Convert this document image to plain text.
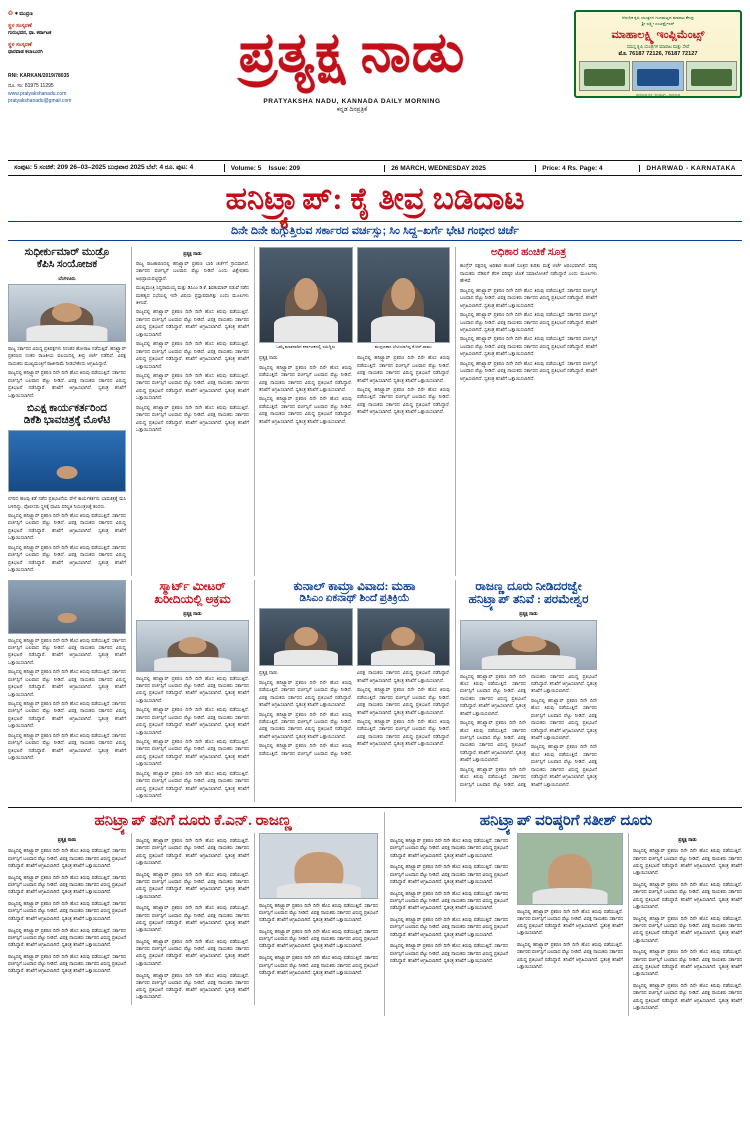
❂ ✶ ಮುದ್ರಣ
ಸ್ಥಳ ಸಂಸ್ಕರಣೆ
ಗುರುಭವನ, ಧಾ. ಕರ್ನಾಟಕ
ಸ್ಥಳ ಸಂಸ್ಕರಣೆ
ಧಾರವಾಡ ಕಲಾಬುರಗಿ
RNI: KARKAN/2019/78035
ದೂ. ಸಂ: 81975 11295
www.pratyakshanadu.com
pratyakshanadu@gmail.com
ಪ್ರತ್ಯಕ್ಷ ನಾಡು
PRATYAKSHA NADU, KANNADA DAILY MORNING
ಕನ್ನಡ ದಿನಪ್ರತ್ರಿಕೆ
ಆಧುನಿಕ ಕೃಷಿ ಯಂತ್ರಗಳ ಗುಣಮಟ್ಟದ ಮಾರಾಟ ಕೇಂದ್ರ
ಶ್ರೀ ಲಕ್ಷ್ಮೀ ಎಂಟರ್ಪ್ರೈಸಸ್
ಮಾಹಾಲಕ್ಷ್ಮಿ ಇಂಪ್ಲಿಮೆಂಟ್ಸ್
ಸಮಸ್ತ ಕೃಷಿ ಯಂತ್ರಗಳ ಮಾರಾಟ ಮತ್ತು ಸೇವೆ
ಮೊ. 76187 72126, 76187 72127
ಧಾರವಾಡ ರಸ್ತೆ, ಕಲಘಟಗಿ - ಧಾರವಾಡ
ಸಂಪುಟ: 5 ಸಂಚಿಕೆ: 209 26–03–2025 ಬುಧವಾರ 2025 ಬೆಲೆ: 4 ರೂ. ಪುಟ: 4	Volume: 5 Issue: 209	26 MARCH, WEDNESDAY 2025	Price: 4 Rs. Page: 4	DHARWAD - KARNATAKA
ಹನಿಟ್ರ್ಯಾಪ್: ಕೈ ತೀವ್ರ ಬಡಿದಾಟ
ದಿನೇ ದಿನೇ ಕುಗ್ಗುತ್ತಿರುವ ಸರ್ಕಾರದ ವರ್ಚಸ್ಸು; ಸಿಂ ಸಿದ್ದ–ಖರ್ಗೆ ಭೇಟಿ ಗಂಭೀರ ಚರ್ಚೆ
ಸುಧೀರ್ಕುಮಾರ್ ಮುಡ್ರೊ
ಕೆಪಿಸಿ ಸಂಯೋಜಕ
ಬೆಂಗಳೂರು

ರಾಜ್ಯ ಸರ್ಕಾರದ ವಿರುದ್ಧ ಪ್ರತಿಪಕ್ಷಗಳು ನಿರಂತರ ಹೋರಾಟ ನಡೆಸುತ್ತಿವೆ. ಹನಿಟ್ರ್ಯಾಪ್ ಪ್ರಕರಣದ ನಂತರ ರಾಜಕೀಯ ವಲಯದಲ್ಲಿ ತೀವ್ರ ಚರ್ಚೆ ನಡೆದಿದೆ. ವಿಪಕ್ಷ ನಾಯಕರು ಮುಖ್ಯಮಂತ್ರಿಗೆ ರಾಜೀನಾಮೆ ನೀಡಬೇಕೆಂದು ಆಗ್ರಹಿಸಿದ್ದಾರೆ.

ರಾಜ್ಯದಲ್ಲಿ ಹನಿಟ್ರ್ಯಾಪ್ ಪ್ರಕರಣ ದಿನೇ ದಿನೇ ಹೊಸ ತಿರುವು ಪಡೆಯುತ್ತಿದೆ. ಸರ್ಕಾರದ ವರ್ಚಸ್ಸಿಗೆ ಬಲವಾದ ಪೆಟ್ಟು ನೀಡಿದೆ. ವಿಪಕ್ಷ ನಾಯಕರು ಸರ್ಕಾರದ ವಿರುದ್ಧ ಪ್ರತಿಭಟನೆ ನಡೆಸಿದ್ದಾರೆ. ತನಿಖೆಗೆ ಆಗ್ರಹಿಸಲಾಗಿದೆ. ಸ್ವತಂತ್ರ ತನಿಖೆಗೆ ಒತ್ತಾಯಿಸಲಾಗಿದೆ.

ಬಿಎಕ್ಷ ಕಾರ್ಯಕರ್ತರಿಂದ
ಡಿಕೆಶಿ ಭಾವಚಿತ್ರಕ್ಕೆ ಮೊಳೆಟಿ

ನಗರದ ಹಲವು ಕಡೆ ನಡೆದ ಪ್ರತಿಭಟನೆಯ ವೇಳೆ ಕಾರ್ಯಕರ್ತರು ಭಾವಚಿತ್ರಕ್ಕೆ ಮಸಿ ಬಳಿದಿದ್ದು, ಪೊಲೀಸರು ಸ್ಥಳಕ್ಕೆ ಧಾವಿಸಿ ಪರಿಸ್ಥಿತಿ ನಿಯಂತ್ರಣಕ್ಕೆ ತಂದರು.

ರಾಜ್ಯದಲ್ಲಿ ಹನಿಟ್ರ್ಯಾಪ್ ಪ್ರಕರಣ ದಿನೇ ದಿನೇ ಹೊಸ ತಿರುವು ಪಡೆಯುತ್ತಿದೆ. ಸರ್ಕಾರದ ವರ್ಚಸ್ಸಿಗೆ ಬಲವಾದ ಪೆಟ್ಟು ನೀಡಿದೆ. ವಿಪಕ್ಷ ನಾಯಕರು ಸರ್ಕಾರದ ವಿರುದ್ಧ ಪ್ರತಿಭಟನೆ ನಡೆಸಿದ್ದಾರೆ. ತನಿಖೆಗೆ ಆಗ್ರಹಿಸಲಾಗಿದೆ. ಸ್ವತಂತ್ರ ತನಿಖೆಗೆ ಒತ್ತಾಯಿಸಲಾಗಿದೆ.

ರಾಜ್ಯದಲ್ಲಿ ಹನಿಟ್ರ್ಯಾಪ್ ಪ್ರಕರಣ ದಿನೇ ದಿನೇ ಹೊಸ ತಿರುವು ಪಡೆಯುತ್ತಿದೆ. ಸರ್ಕಾರದ ವರ್ಚಸ್ಸಿಗೆ ಬಲವಾದ ಪೆಟ್ಟು ನೀಡಿದೆ. ವಿಪಕ್ಷ ನಾಯಕರು ಸರ್ಕಾರದ ವಿರುದ್ಧ ಪ್ರತಿಭಟನೆ ನಡೆಸಿದ್ದಾರೆ. ತನಿಖೆಗೆ ಆಗ್ರಹಿಸಲಾಗಿದೆ. ಸ್ವತಂತ್ರ ತನಿಖೆಗೆ ಒತ್ತಾಯಿಸಲಾಗಿದೆ.

ಪ್ರತ್ಯಕ್ಷ ನಾಡು

ರಾಜ್ಯ ರಾಜಕಾರಣದಲ್ಲಿ ಹನಿಟ್ರ್ಯಾಪ್ ಪ್ರಕರಣ ಭಾರಿ ಚರ್ಚೆಗೆ ಗ್ರಾಸವಾಗಿದೆ. ಸರ್ಕಾರದ ವರ್ಚಸ್ಸಿಗೆ ಬಲವಾದ ಪೆಟ್ಟು ನೀಡಿದೆ ಎಂದು ವಿಶ್ಲೇಷಕರು ಅಭಿಪ್ರಾಯಪಟ್ಟಿದ್ದಾರೆ.

ಮುಖ್ಯಮಂತ್ರಿ ಸಿದ್ದರಾಮಯ್ಯ ಮತ್ತು ಡಿಸಿಎಂ ಡಿ.ಕೆ. ಶಿವಕುಮಾರ್ ನಡುವೆ ನಡೆದ ಮಹತ್ವದ ಸಭೆಯಲ್ಲಿ ಇದೇ ವಿಷಯ ಪ್ರಸ್ತಾಪವಾಗಿತ್ತು ಎಂದು ಮೂಲಗಳು ತಿಳಿಸಿವೆ.

ರಾಜ್ಯದಲ್ಲಿ ಹನಿಟ್ರ್ಯಾಪ್ ಪ್ರಕರಣ ದಿನೇ ದಿನೇ ಹೊಸ ತಿರುವು ಪಡೆಯುತ್ತಿದೆ. ಸರ್ಕಾರದ ವರ್ಚಸ್ಸಿಗೆ ಬಲವಾದ ಪೆಟ್ಟು ನೀಡಿದೆ. ವಿಪಕ್ಷ ನಾಯಕರು ಸರ್ಕಾರದ ವಿರುದ್ಧ ಪ್ರತಿಭಟನೆ ನಡೆಸಿದ್ದಾರೆ. ತನಿಖೆಗೆ ಆಗ್ರಹಿಸಲಾಗಿದೆ. ಸ್ವತಂತ್ರ ತನಿಖೆಗೆ ಒತ್ತಾಯಿಸಲಾಗಿದೆ.

ರಾಜ್ಯದಲ್ಲಿ ಹನಿಟ್ರ್ಯಾಪ್ ಪ್ರಕರಣ ದಿನೇ ದಿನೇ ಹೊಸ ತಿರುವು ಪಡೆಯುತ್ತಿದೆ. ಸರ್ಕಾರದ ವರ್ಚಸ್ಸಿಗೆ ಬಲವಾದ ಪೆಟ್ಟು ನೀಡಿದೆ. ವಿಪಕ್ಷ ನಾಯಕರು ಸರ್ಕಾರದ ವಿರುದ್ಧ ಪ್ರತಿಭಟನೆ ನಡೆಸಿದ್ದಾರೆ. ತನಿಖೆಗೆ ಆಗ್ರಹಿಸಲಾಗಿದೆ. ಸ್ವತಂತ್ರ ತನಿಖೆಗೆ ಒತ್ತಾಯಿಸಲಾಗಿದೆ.

ರಾಜ್ಯದಲ್ಲಿ ಹನಿಟ್ರ್ಯಾಪ್ ಪ್ರಕರಣ ದಿನೇ ದಿನೇ ಹೊಸ ತಿರುವು ಪಡೆಯುತ್ತಿದೆ. ಸರ್ಕಾರದ ವರ್ಚಸ್ಸಿಗೆ ಬಲವಾದ ಪೆಟ್ಟು ನೀಡಿದೆ. ವಿಪಕ್ಷ ನಾಯಕರು ಸರ್ಕಾರದ ವಿರುದ್ಧ ಪ್ರತಿಭಟನೆ ನಡೆಸಿದ್ದಾರೆ. ತನಿಖೆಗೆ ಆಗ್ರಹಿಸಲಾಗಿದೆ. ಸ್ವತಂತ್ರ ತನಿಖೆಗೆ ಒತ್ತಾಯಿಸಲಾಗಿದೆ.

ರಾಜ್ಯದಲ್ಲಿ ಹನಿಟ್ರ್ಯಾಪ್ ಪ್ರಕರಣ ದಿನೇ ದಿನೇ ಹೊಸ ತಿರುವು ಪಡೆಯುತ್ತಿದೆ. ಸರ್ಕಾರದ ವರ್ಚಸ್ಸಿಗೆ ಬಲವಾದ ಪೆಟ್ಟು ನೀಡಿದೆ. ವಿಪಕ್ಷ ನಾಯಕರು ಸರ್ಕಾರದ ವಿರುದ್ಧ ಪ್ರತಿಭಟನೆ ನಡೆಸಿದ್ದಾರೆ. ತನಿಖೆಗೆ ಆಗ್ರಹಿಸಲಾಗಿದೆ. ಸ್ವತಂತ್ರ ತನಿಖೆಗೆ ಒತ್ತಾಯಿಸಲಾಗಿದೆ.

ಒಮ್ಮೆ ಮಾತನಾಡಿದ ಕರ್ನಾಟಕದಲ್ಲಿ ಸಮಿದ್ಧಿರು	ಮುದ್ರಣಕಾರ ಭೇಟಿಯಾಗಿದ್ದ ಕೆ.ಆರ್.ರಾಮು

ಪ್ರತ್ಯಕ್ಷ ನಾಡು

ರಾಜ್ಯದಲ್ಲಿ ಹನಿಟ್ರ್ಯಾಪ್ ಪ್ರಕರಣ ದಿನೇ ದಿನೇ ಹೊಸ ತಿರುವು ಪಡೆಯುತ್ತಿದೆ. ಸರ್ಕಾರದ ವರ್ಚಸ್ಸಿಗೆ ಬಲವಾದ ಪೆಟ್ಟು ನೀಡಿದೆ. ವಿಪಕ್ಷ ನಾಯಕರು ಸರ್ಕಾರದ ವಿರುದ್ಧ ಪ್ರತಿಭಟನೆ ನಡೆಸಿದ್ದಾರೆ. ತನಿಖೆಗೆ ಆಗ್ರಹಿಸಲಾಗಿದೆ. ಸ್ವತಂತ್ರ ತನಿಖೆಗೆ ಒತ್ತಾಯಿಸಲಾಗಿದೆ.

ರಾಜ್ಯದಲ್ಲಿ ಹನಿಟ್ರ್ಯಾಪ್ ಪ್ರಕರಣ ದಿನೇ ದಿನೇ ಹೊಸ ತಿರುವು ಪಡೆಯುತ್ತಿದೆ. ಸರ್ಕಾರದ ವರ್ಚಸ್ಸಿಗೆ ಬಲವಾದ ಪೆಟ್ಟು ನೀಡಿದೆ. ವಿಪಕ್ಷ ನಾಯಕರು ಸರ್ಕಾರದ ವಿರುದ್ಧ ಪ್ರತಿಭಟನೆ ನಡೆಸಿದ್ದಾರೆ. ತನಿಖೆಗೆ ಆಗ್ರಹಿಸಲಾಗಿದೆ. ಸ್ವತಂತ್ರ ತನಿಖೆಗೆ ಒತ್ತಾಯಿಸಲಾಗಿದೆ.

ರಾಜ್ಯದಲ್ಲಿ ಹನಿಟ್ರ್ಯಾಪ್ ಪ್ರಕರಣ ದಿನೇ ದಿನೇ ಹೊಸ ತಿರುವು ಪಡೆಯುತ್ತಿದೆ. ಸರ್ಕಾರದ ವರ್ಚಸ್ಸಿಗೆ ಬಲವಾದ ಪೆಟ್ಟು ನೀಡಿದೆ. ವಿಪಕ್ಷ ನಾಯಕರು ಸರ್ಕಾರದ ವಿರುದ್ಧ ಪ್ರತಿಭಟನೆ ನಡೆಸಿದ್ದಾರೆ. ತನಿಖೆಗೆ ಆಗ್ರಹಿಸಲಾಗಿದೆ. ಸ್ವತಂತ್ರ ತನಿಖೆಗೆ ಒತ್ತಾಯಿಸಲಾಗಿದೆ.

ರಾಜ್ಯದಲ್ಲಿ ಹನಿಟ್ರ್ಯಾಪ್ ಪ್ರಕರಣ ದಿನೇ ದಿನೇ ಹೊಸ ತಿರುವು ಪಡೆಯುತ್ತಿದೆ. ಸರ್ಕಾರದ ವರ್ಚಸ್ಸಿಗೆ ಬಲವಾದ ಪೆಟ್ಟು ನೀಡಿದೆ. ವಿಪಕ್ಷ ನಾಯಕರು ಸರ್ಕಾರದ ವಿರುದ್ಧ ಪ್ರತಿಭಟನೆ ನಡೆಸಿದ್ದಾರೆ. ತನಿಖೆಗೆ ಆಗ್ರಹಿಸಲಾಗಿದೆ. ಸ್ವತಂತ್ರ ತನಿಖೆಗೆ ಒತ್ತಾಯಿಸಲಾಗಿದೆ.

ಅಧಿಕಾರ ಹಂಚಿಕೆ ಸೂತ್ರ

ಕಾಂಗ್ರೆಸ್ ಪಕ್ಷದಲ್ಲಿ ಅಧಿಕಾರ ಹಂಚಿಕೆ ಸೂತ್ರದ ಕುರಿತು ಮತ್ತೆ ಚರ್ಚೆ ಆರಂಭವಾಗಿದೆ. ವರಿಷ್ಠ ನಾಯಕರು ದೆಹಲಿಗೆ ತೆರಳಿ ವರಿಷ್ಠರ ಜೊತೆ ಸಮಾಲೋಚನೆ ನಡೆಸಿದ್ದಾರೆ ಎಂದು ಮೂಲಗಳು ಹೇಳಿವೆ.

ರಾಜ್ಯದಲ್ಲಿ ಹನಿಟ್ರ್ಯಾಪ್ ಪ್ರಕರಣ ದಿನೇ ದಿನೇ ಹೊಸ ತಿರುವು ಪಡೆಯುತ್ತಿದೆ. ಸರ್ಕಾರದ ವರ್ಚಸ್ಸಿಗೆ ಬಲವಾದ ಪೆಟ್ಟು ನೀಡಿದೆ. ವಿಪಕ್ಷ ನಾಯಕರು ಸರ್ಕಾರದ ವಿರುದ್ಧ ಪ್ರತಿಭಟನೆ ನಡೆಸಿದ್ದಾರೆ. ತನಿಖೆಗೆ ಆಗ್ರಹಿಸಲಾಗಿದೆ. ಸ್ವತಂತ್ರ ತನಿಖೆಗೆ ಒತ್ತಾಯಿಸಲಾಗಿದೆ.

ರಾಜ್ಯದಲ್ಲಿ ಹನಿಟ್ರ್ಯಾಪ್ ಪ್ರಕರಣ ದಿನೇ ದಿನೇ ಹೊಸ ತಿರುವು ಪಡೆಯುತ್ತಿದೆ. ಸರ್ಕಾರದ ವರ್ಚಸ್ಸಿಗೆ ಬಲವಾದ ಪೆಟ್ಟು ನೀಡಿದೆ. ವಿಪಕ್ಷ ನಾಯಕರು ಸರ್ಕಾರದ ವಿರುದ್ಧ ಪ್ರತಿಭಟನೆ ನಡೆಸಿದ್ದಾರೆ. ತನಿಖೆಗೆ ಆಗ್ರಹಿಸಲಾಗಿದೆ. ಸ್ವತಂತ್ರ ತನಿಖೆಗೆ ಒತ್ತಾಯಿಸಲಾಗಿದೆ.

ರಾಜ್ಯದಲ್ಲಿ ಹನಿಟ್ರ್ಯಾಪ್ ಪ್ರಕರಣ ದಿನೇ ದಿನೇ ಹೊಸ ತಿರುವು ಪಡೆಯುತ್ತಿದೆ. ಸರ್ಕಾರದ ವರ್ಚಸ್ಸಿಗೆ ಬಲವಾದ ಪೆಟ್ಟು ನೀಡಿದೆ. ವಿಪಕ್ಷ ನಾಯಕರು ಸರ್ಕಾರದ ವಿರುದ್ಧ ಪ್ರತಿಭಟನೆ ನಡೆಸಿದ್ದಾರೆ. ತನಿಖೆಗೆ ಆಗ್ರಹಿಸಲಾಗಿದೆ. ಸ್ವತಂತ್ರ ತನಿಖೆಗೆ ಒತ್ತಾಯಿಸಲಾಗಿದೆ.

ರಾಜ್ಯದಲ್ಲಿ ಹನಿಟ್ರ್ಯಾಪ್ ಪ್ರಕರಣ ದಿನೇ ದಿನೇ ಹೊಸ ತಿರುವು ಪಡೆಯುತ್ತಿದೆ. ಸರ್ಕಾರದ ವರ್ಚಸ್ಸಿಗೆ ಬಲವಾದ ಪೆಟ್ಟು ನೀಡಿದೆ. ವಿಪಕ್ಷ ನಾಯಕರು ಸರ್ಕಾರದ ವಿರುದ್ಧ ಪ್ರತಿಭಟನೆ ನಡೆಸಿದ್ದಾರೆ. ತನಿಖೆಗೆ ಆಗ್ರಹಿಸಲಾಗಿದೆ. ಸ್ವತಂತ್ರ ತನಿಖೆಗೆ ಒತ್ತಾಯಿಸಲಾಗಿದೆ.

ರಾಜ್ಯದಲ್ಲಿ ಹನಿಟ್ರ್ಯಾಪ್ ಪ್ರಕರಣ ದಿನೇ ದಿನೇ ಹೊಸ ತಿರುವು ಪಡೆಯುತ್ತಿದೆ. ಸರ್ಕಾರದ ವರ್ಚಸ್ಸಿಗೆ ಬಲವಾದ ಪೆಟ್ಟು ನೀಡಿದೆ. ವಿಪಕ್ಷ ನಾಯಕರು ಸರ್ಕಾರದ ವಿರುದ್ಧ ಪ್ರತಿಭಟನೆ ನಡೆಸಿದ್ದಾರೆ. ತನಿಖೆಗೆ ಆಗ್ರಹಿಸಲಾಗಿದೆ. ಸ್ವತಂತ್ರ ತನಿಖೆಗೆ ಒತ್ತಾಯಿಸಲಾಗಿದೆ.

ರಾಜ್ಯದಲ್ಲಿ ಹನಿಟ್ರ್ಯಾಪ್ ಪ್ರಕರಣ ದಿನೇ ದಿನೇ ಹೊಸ ತಿರುವು ಪಡೆಯುತ್ತಿದೆ. ಸರ್ಕಾರದ ವರ್ಚಸ್ಸಿಗೆ ಬಲವಾದ ಪೆಟ್ಟು ನೀಡಿದೆ. ವಿಪಕ್ಷ ನಾಯಕರು ಸರ್ಕಾರದ ವಿರುದ್ಧ ಪ್ರತಿಭಟನೆ ನಡೆಸಿದ್ದಾರೆ. ತನಿಖೆಗೆ ಆಗ್ರಹಿಸಲಾಗಿದೆ. ಸ್ವತಂತ್ರ ತನಿಖೆಗೆ ಒತ್ತಾಯಿಸಲಾಗಿದೆ.

ರಾಜ್ಯದಲ್ಲಿ ಹನಿಟ್ರ್ಯಾಪ್ ಪ್ರಕರಣ ದಿನೇ ದಿನೇ ಹೊಸ ತಿರುವು ಪಡೆಯುತ್ತಿದೆ. ಸರ್ಕಾರದ ವರ್ಚಸ್ಸಿಗೆ ಬಲವಾದ ಪೆಟ್ಟು ನೀಡಿದೆ. ವಿಪಕ್ಷ ನಾಯಕರು ಸರ್ಕಾರದ ವಿರುದ್ಧ ಪ್ರತಿಭಟನೆ ನಡೆಸಿದ್ದಾರೆ. ತನಿಖೆಗೆ ಆಗ್ರಹಿಸಲಾಗಿದೆ. ಸ್ವತಂತ್ರ ತನಿಖೆಗೆ ಒತ್ತಾಯಿಸಲಾಗಿದೆ.

ರಾಜ್ಯದಲ್ಲಿ ಹನಿಟ್ರ್ಯಾಪ್ ಪ್ರಕರಣ ದಿನೇ ದಿನೇ ಹೊಸ ತಿರುವು ಪಡೆಯುತ್ತಿದೆ. ಸರ್ಕಾರದ ವರ್ಚಸ್ಸಿಗೆ ಬಲವಾದ ಪೆಟ್ಟು ನೀಡಿದೆ. ವಿಪಕ್ಷ ನಾಯಕರು ಸರ್ಕಾರದ ವಿರುದ್ಧ ಪ್ರತಿಭಟನೆ ನಡೆಸಿದ್ದಾರೆ. ತನಿಖೆಗೆ ಆಗ್ರಹಿಸಲಾಗಿದೆ. ಸ್ವತಂತ್ರ ತನಿಖೆಗೆ ಒತ್ತಾಯಿಸಲಾಗಿದೆ.

ಸ್ಮಾರ್ಟ್ ಮೀಟರ್
ಖರೀದಿಯಲ್ಲಿ ಅಕ್ರಮ
ಪ್ರತ್ಯಕ್ಷ ನಾಡು

ರಾಜ್ಯದಲ್ಲಿ ಹನಿಟ್ರ್ಯಾಪ್ ಪ್ರಕರಣ ದಿನೇ ದಿನೇ ಹೊಸ ತಿರುವು ಪಡೆಯುತ್ತಿದೆ. ಸರ್ಕಾರದ ವರ್ಚಸ್ಸಿಗೆ ಬಲವಾದ ಪೆಟ್ಟು ನೀಡಿದೆ. ವಿಪಕ್ಷ ನಾಯಕರು ಸರ್ಕಾರದ ವಿರುದ್ಧ ಪ್ರತಿಭಟನೆ ನಡೆಸಿದ್ದಾರೆ. ತನಿಖೆಗೆ ಆಗ್ರಹಿಸಲಾಗಿದೆ. ಸ್ವತಂತ್ರ ತನಿಖೆಗೆ ಒತ್ತಾಯಿಸಲಾಗಿದೆ.

ರಾಜ್ಯದಲ್ಲಿ ಹನಿಟ್ರ್ಯಾಪ್ ಪ್ರಕರಣ ದಿನೇ ದಿನೇ ಹೊಸ ತಿರುವು ಪಡೆಯುತ್ತಿದೆ. ಸರ್ಕಾರದ ವರ್ಚಸ್ಸಿಗೆ ಬಲವಾದ ಪೆಟ್ಟು ನೀಡಿದೆ. ವಿಪಕ್ಷ ನಾಯಕರು ಸರ್ಕಾರದ ವಿರುದ್ಧ ಪ್ರತಿಭಟನೆ ನಡೆಸಿದ್ದಾರೆ. ತನಿಖೆಗೆ ಆಗ್ರಹಿಸಲಾಗಿದೆ. ಸ್ವತಂತ್ರ ತನಿಖೆಗೆ ಒತ್ತಾಯಿಸಲಾಗಿದೆ.

ರಾಜ್ಯದಲ್ಲಿ ಹನಿಟ್ರ್ಯಾಪ್ ಪ್ರಕರಣ ದಿನೇ ದಿನೇ ಹೊಸ ತಿರುವು ಪಡೆಯುತ್ತಿದೆ. ಸರ್ಕಾರದ ವರ್ಚಸ್ಸಿಗೆ ಬಲವಾದ ಪೆಟ್ಟು ನೀಡಿದೆ. ವಿಪಕ್ಷ ನಾಯಕರು ಸರ್ಕಾರದ ವಿರುದ್ಧ ಪ್ರತಿಭಟನೆ ನಡೆಸಿದ್ದಾರೆ. ತನಿಖೆಗೆ ಆಗ್ರಹಿಸಲಾಗಿದೆ. ಸ್ವತಂತ್ರ ತನಿಖೆಗೆ ಒತ್ತಾಯಿಸಲಾಗಿದೆ.

ರಾಜ್ಯದಲ್ಲಿ ಹನಿಟ್ರ್ಯಾಪ್ ಪ್ರಕರಣ ದಿನೇ ದಿನೇ ಹೊಸ ತಿರುವು ಪಡೆಯುತ್ತಿದೆ. ಸರ್ಕಾರದ ವರ್ಚಸ್ಸಿಗೆ ಬಲವಾದ ಪೆಟ್ಟು ನೀಡಿದೆ. ವಿಪಕ್ಷ ನಾಯಕರು ಸರ್ಕಾರದ ವಿರುದ್ಧ ಪ್ರತಿಭಟನೆ ನಡೆಸಿದ್ದಾರೆ. ತನಿಖೆಗೆ ಆಗ್ರಹಿಸಲಾಗಿದೆ. ಸ್ವತಂತ್ರ ತನಿಖೆಗೆ ಒತ್ತಾಯಿಸಲಾಗಿದೆ.

ಕುನಾಲ್ ಕಾಮ್ರಾ ವಿವಾದ: ಮಹಾ
ಡಿಸಿಎಂ ಏಕನಾಥ್ ಶಿಂದೆ ಪ್ರತಿಕ್ರಿಯೆ

ಪ್ರತ್ಯಕ್ಷ ನಾಡು

ರಾಜ್ಯದಲ್ಲಿ ಹನಿಟ್ರ್ಯಾಪ್ ಪ್ರಕರಣ ದಿನೇ ದಿನೇ ಹೊಸ ತಿರುವು ಪಡೆಯುತ್ತಿದೆ. ಸರ್ಕಾರದ ವರ್ಚಸ್ಸಿಗೆ ಬಲವಾದ ಪೆಟ್ಟು ನೀಡಿದೆ. ವಿಪಕ್ಷ ನಾಯಕರು ಸರ್ಕಾರದ ವಿರುದ್ಧ ಪ್ರತಿಭಟನೆ ನಡೆಸಿದ್ದಾರೆ. ತನಿಖೆಗೆ ಆಗ್ರಹಿಸಲಾಗಿದೆ. ಸ್ವತಂತ್ರ ತನಿಖೆಗೆ ಒತ್ತಾಯಿಸಲಾಗಿದೆ.

ರಾಜ್ಯದಲ್ಲಿ ಹನಿಟ್ರ್ಯಾಪ್ ಪ್ರಕರಣ ದಿನೇ ದಿನೇ ಹೊಸ ತಿರುವು ಪಡೆಯುತ್ತಿದೆ. ಸರ್ಕಾರದ ವರ್ಚಸ್ಸಿಗೆ ಬಲವಾದ ಪೆಟ್ಟು ನೀಡಿದೆ. ವಿಪಕ್ಷ ನಾಯಕರು ಸರ್ಕಾರದ ವಿರುದ್ಧ ಪ್ರತಿಭಟನೆ ನಡೆಸಿದ್ದಾರೆ. ತನಿಖೆಗೆ ಆಗ್ರಹಿಸಲಾಗಿದೆ. ಸ್ವತಂತ್ರ ತನಿಖೆಗೆ ಒತ್ತಾಯಿಸಲಾಗಿದೆ.

ರಾಜ್ಯದಲ್ಲಿ ಹನಿಟ್ರ್ಯಾಪ್ ಪ್ರಕರಣ ದಿನೇ ದಿನೇ ಹೊಸ ತಿರುವು ಪಡೆಯುತ್ತಿದೆ. ಸರ್ಕಾರದ ವರ್ಚಸ್ಸಿಗೆ ಬಲವಾದ ಪೆಟ್ಟು ನೀಡಿದೆ. ವಿಪಕ್ಷ ನಾಯಕರು ಸರ್ಕಾರದ ವಿರುದ್ಧ ಪ್ರತಿಭಟನೆ ನಡೆಸಿದ್ದಾರೆ. ತನಿಖೆಗೆ ಆಗ್ರಹಿಸಲಾಗಿದೆ. ಸ್ವತಂತ್ರ ತನಿಖೆಗೆ ಒತ್ತಾಯಿಸಲಾಗಿದೆ.

ರಾಜ್ಯದಲ್ಲಿ ಹನಿಟ್ರ್ಯಾಪ್ ಪ್ರಕರಣ ದಿನೇ ದಿನೇ ಹೊಸ ತಿರುವು ಪಡೆಯುತ್ತಿದೆ. ಸರ್ಕಾರದ ವರ್ಚಸ್ಸಿಗೆ ಬಲವಾದ ಪೆಟ್ಟು ನೀಡಿದೆ. ವಿಪಕ್ಷ ನಾಯಕರು ಸರ್ಕಾರದ ವಿರುದ್ಧ ಪ್ರತಿಭಟನೆ ನಡೆಸಿದ್ದಾರೆ. ತನಿಖೆಗೆ ಆಗ್ರಹಿಸಲಾಗಿದೆ. ಸ್ವತಂತ್ರ ತನಿಖೆಗೆ ಒತ್ತಾಯಿಸಲಾಗಿದೆ.

ರಾಜ್ಯದಲ್ಲಿ ಹನಿಟ್ರ್ಯಾಪ್ ಪ್ರಕರಣ ದಿನೇ ದಿನೇ ಹೊಸ ತಿರುವು ಪಡೆಯುತ್ತಿದೆ. ಸರ್ಕಾರದ ವರ್ಚಸ್ಸಿಗೆ ಬಲವಾದ ಪೆಟ್ಟು ನೀಡಿದೆ. ವಿಪಕ್ಷ ನಾಯಕರು ಸರ್ಕಾರದ ವಿರುದ್ಧ ಪ್ರತಿಭಟನೆ ನಡೆಸಿದ್ದಾರೆ. ತನಿಖೆಗೆ ಆಗ್ರಹಿಸಲಾಗಿದೆ. ಸ್ವತಂತ್ರ ತನಿಖೆಗೆ ಒತ್ತಾಯಿಸಲಾಗಿದೆ.

ರಾಜಣ್ಣ ದೂರು ನೀಡಿದರಜ್ವೇ
ಹನಿಟ್ರ್ಯಾಪ್ ತನಿವೆ : ಪರಮೇಶ್ವರ
ಪ್ರತ್ಯಕ್ಷ ನಾಡು

ರಾಜ್ಯದಲ್ಲಿ ಹನಿಟ್ರ್ಯಾಪ್ ಪ್ರಕರಣ ದಿನೇ ದಿನೇ ಹೊಸ ತಿರುವು ಪಡೆಯುತ್ತಿದೆ. ಸರ್ಕಾರದ ವರ್ಚಸ್ಸಿಗೆ ಬಲವಾದ ಪೆಟ್ಟು ನೀಡಿದೆ. ವಿಪಕ್ಷ ನಾಯಕರು ಸರ್ಕಾರದ ವಿರುದ್ಧ ಪ್ರತಿಭಟನೆ ನಡೆಸಿದ್ದಾರೆ. ತನಿಖೆಗೆ ಆಗ್ರಹಿಸಲಾಗಿದೆ. ಸ್ವತಂತ್ರ ತನಿಖೆಗೆ ಒತ್ತಾಯಿಸಲಾಗಿದೆ.

ರಾಜ್ಯದಲ್ಲಿ ಹನಿಟ್ರ್ಯಾಪ್ ಪ್ರಕರಣ ದಿನೇ ದಿನೇ ಹೊಸ ತಿರುವು ಪಡೆಯುತ್ತಿದೆ. ಸರ್ಕಾರದ ವರ್ಚಸ್ಸಿಗೆ ಬಲವಾದ ಪೆಟ್ಟು ನೀಡಿದೆ. ವಿಪಕ್ಷ ನಾಯಕರು ಸರ್ಕಾರದ ವಿರುದ್ಧ ಪ್ರತಿಭಟನೆ ನಡೆಸಿದ್ದಾರೆ. ತನಿಖೆಗೆ ಆಗ್ರಹಿಸಲಾಗಿದೆ. ಸ್ವತಂತ್ರ ತನಿಖೆಗೆ ಒತ್ತಾಯಿಸಲಾಗಿದೆ.

ರಾಜ್ಯದಲ್ಲಿ ಹನಿಟ್ರ್ಯಾಪ್ ಪ್ರಕರಣ ದಿನೇ ದಿನೇ ಹೊಸ ತಿರುವು ಪಡೆಯುತ್ತಿದೆ. ಸರ್ಕಾರದ ವರ್ಚಸ್ಸಿಗೆ ಬಲವಾದ ಪೆಟ್ಟು ನೀಡಿದೆ. ವಿಪಕ್ಷ ನಾಯಕರು ಸರ್ಕಾರದ ವಿರುದ್ಧ ಪ್ರತಿಭಟನೆ ನಡೆಸಿದ್ದಾರೆ. ತನಿಖೆಗೆ ಆಗ್ರಹಿಸಲಾಗಿದೆ. ಸ್ವತಂತ್ರ ತನಿಖೆಗೆ ಒತ್ತಾಯಿಸಲಾಗಿದೆ.

ರಾಜ್ಯದಲ್ಲಿ ಹನಿಟ್ರ್ಯಾಪ್ ಪ್ರಕರಣ ದಿನೇ ದಿನೇ ಹೊಸ ತಿರುವು ಪಡೆಯುತ್ತಿದೆ. ಸರ್ಕಾರದ ವರ್ಚಸ್ಸಿಗೆ ಬಲವಾದ ಪೆಟ್ಟು ನೀಡಿದೆ. ವಿಪಕ್ಷ ನಾಯಕರು ಸರ್ಕಾರದ ವಿರುದ್ಧ ಪ್ರತಿಭಟನೆ ನಡೆಸಿದ್ದಾರೆ. ತನಿಖೆಗೆ ಆಗ್ರಹಿಸಲಾಗಿದೆ. ಸ್ವತಂತ್ರ ತನಿಖೆಗೆ ಒತ್ತಾಯಿಸಲಾಗಿದೆ.

ರಾಜ್ಯದಲ್ಲಿ ಹನಿಟ್ರ್ಯಾಪ್ ಪ್ರಕರಣ ದಿನೇ ದಿನೇ ಹೊಸ ತಿರುವು ಪಡೆಯುತ್ತಿದೆ. ಸರ್ಕಾರದ ವರ್ಚಸ್ಸಿಗೆ ಬಲವಾದ ಪೆಟ್ಟು ನೀಡಿದೆ. ವಿಪಕ್ಷ ನಾಯಕರು ಸರ್ಕಾರದ ವಿರುದ್ಧ ಪ್ರತಿಭಟನೆ ನಡೆಸಿದ್ದಾರೆ. ತನಿಖೆಗೆ ಆಗ್ರಹಿಸಲಾಗಿದೆ. ಸ್ವತಂತ್ರ ತನಿಖೆಗೆ ಒತ್ತಾಯಿಸಲಾಗಿದೆ.

ಹನಿಟ್ರ್ಯಾಪ್ ತನಿಗೆ ದೂರು ಕೆ.ಎನ್. ರಾಜಣ್ಣ
ಪ್ರತ್ಯಕ್ಷ ನಾಡು

ರಾಜ್ಯದಲ್ಲಿ ಹನಿಟ್ರ್ಯಾಪ್ ಪ್ರಕರಣ ದಿನೇ ದಿನೇ ಹೊಸ ತಿರುವು ಪಡೆಯುತ್ತಿದೆ. ಸರ್ಕಾರದ ವರ್ಚಸ್ಸಿಗೆ ಬಲವಾದ ಪೆಟ್ಟು ನೀಡಿದೆ. ವಿಪಕ್ಷ ನಾಯಕರು ಸರ್ಕಾರದ ವಿರುದ್ಧ ಪ್ರತಿಭಟನೆ ನಡೆಸಿದ್ದಾರೆ. ತನಿಖೆಗೆ ಆಗ್ರಹಿಸಲಾಗಿದೆ. ಸ್ವತಂತ್ರ ತನಿಖೆಗೆ ಒತ್ತಾಯಿಸಲಾಗಿದೆ.

ರಾಜ್ಯದಲ್ಲಿ ಹನಿಟ್ರ್ಯಾಪ್ ಪ್ರಕರಣ ದಿನೇ ದಿನೇ ಹೊಸ ತಿರುವು ಪಡೆಯುತ್ತಿದೆ. ಸರ್ಕಾರದ ವರ್ಚಸ್ಸಿಗೆ ಬಲವಾದ ಪೆಟ್ಟು ನೀಡಿದೆ. ವಿಪಕ್ಷ ನಾಯಕರು ಸರ್ಕಾರದ ವಿರುದ್ಧ ಪ್ರತಿಭಟನೆ ನಡೆಸಿದ್ದಾರೆ. ತನಿಖೆಗೆ ಆಗ್ರಹಿಸಲಾಗಿದೆ. ಸ್ವತಂತ್ರ ತನಿಖೆಗೆ ಒತ್ತಾಯಿಸಲಾಗಿದೆ.

ರಾಜ್ಯದಲ್ಲಿ ಹನಿಟ್ರ್ಯಾಪ್ ಪ್ರಕರಣ ದಿನೇ ದಿನೇ ಹೊಸ ತಿರುವು ಪಡೆಯುತ್ತಿದೆ. ಸರ್ಕಾರದ ವರ್ಚಸ್ಸಿಗೆ ಬಲವಾದ ಪೆಟ್ಟು ನೀಡಿದೆ. ವಿಪಕ್ಷ ನಾಯಕರು ಸರ್ಕಾರದ ವಿರುದ್ಧ ಪ್ರತಿಭಟನೆ ನಡೆಸಿದ್ದಾರೆ. ತನಿಖೆಗೆ ಆಗ್ರಹಿಸಲಾಗಿದೆ. ಸ್ವತಂತ್ರ ತನಿಖೆಗೆ ಒತ್ತಾಯಿಸಲಾಗಿದೆ.

ರಾಜ್ಯದಲ್ಲಿ ಹನಿಟ್ರ್ಯಾಪ್ ಪ್ರಕರಣ ದಿನೇ ದಿನೇ ಹೊಸ ತಿರುವು ಪಡೆಯುತ್ತಿದೆ. ಸರ್ಕಾರದ ವರ್ಚಸ್ಸಿಗೆ ಬಲವಾದ ಪೆಟ್ಟು ನೀಡಿದೆ. ವಿಪಕ್ಷ ನಾಯಕರು ಸರ್ಕಾರದ ವಿರುದ್ಧ ಪ್ರತಿಭಟನೆ ನಡೆಸಿದ್ದಾರೆ. ತನಿಖೆಗೆ ಆಗ್ರಹಿಸಲಾಗಿದೆ. ಸ್ವತಂತ್ರ ತನಿಖೆಗೆ ಒತ್ತಾಯಿಸಲಾಗಿದೆ.

ರಾಜ್ಯದಲ್ಲಿ ಹನಿಟ್ರ್ಯಾಪ್ ಪ್ರಕರಣ ದಿನೇ ದಿನೇ ಹೊಸ ತಿರುವು ಪಡೆಯುತ್ತಿದೆ. ಸರ್ಕಾರದ ವರ್ಚಸ್ಸಿಗೆ ಬಲವಾದ ಪೆಟ್ಟು ನೀಡಿದೆ. ವಿಪಕ್ಷ ನಾಯಕರು ಸರ್ಕಾರದ ವಿರುದ್ಧ ಪ್ರತಿಭಟನೆ ನಡೆಸಿದ್ದಾರೆ. ತನಿಖೆಗೆ ಆಗ್ರಹಿಸಲಾಗಿದೆ. ಸ್ವತಂತ್ರ ತನಿಖೆಗೆ ಒತ್ತಾಯಿಸಲಾಗಿದೆ.

ರಾಜ್ಯದಲ್ಲಿ ಹನಿಟ್ರ್ಯಾಪ್ ಪ್ರಕರಣ ದಿನೇ ದಿನೇ ಹೊಸ ತಿರುವು ಪಡೆಯುತ್ತಿದೆ. ಸರ್ಕಾರದ ವರ್ಚಸ್ಸಿಗೆ ಬಲವಾದ ಪೆಟ್ಟು ನೀಡಿದೆ. ವಿಪಕ್ಷ ನಾಯಕರು ಸರ್ಕಾರದ ವಿರುದ್ಧ ಪ್ರತಿಭಟನೆ ನಡೆಸಿದ್ದಾರೆ. ತನಿಖೆಗೆ ಆಗ್ರಹಿಸಲಾಗಿದೆ. ಸ್ವತಂತ್ರ ತನಿಖೆಗೆ ಒತ್ತಾಯಿಸಲಾಗಿದೆ.

ರಾಜ್ಯದಲ್ಲಿ ಹನಿಟ್ರ್ಯಾಪ್ ಪ್ರಕರಣ ದಿನೇ ದಿನೇ ಹೊಸ ತಿರುವು ಪಡೆಯುತ್ತಿದೆ. ಸರ್ಕಾರದ ವರ್ಚಸ್ಸಿಗೆ ಬಲವಾದ ಪೆಟ್ಟು ನೀಡಿದೆ. ವಿಪಕ್ಷ ನಾಯಕರು ಸರ್ಕಾರದ ವಿರುದ್ಧ ಪ್ರತಿಭಟನೆ ನಡೆಸಿದ್ದಾರೆ. ತನಿಖೆಗೆ ಆಗ್ರಹಿಸಲಾಗಿದೆ. ಸ್ವತಂತ್ರ ತನಿಖೆಗೆ ಒತ್ತಾಯಿಸಲಾಗಿದೆ.

ರಾಜ್ಯದಲ್ಲಿ ಹನಿಟ್ರ್ಯಾಪ್ ಪ್ರಕರಣ ದಿನೇ ದಿನೇ ಹೊಸ ತಿರುವು ಪಡೆಯುತ್ತಿದೆ. ಸರ್ಕಾರದ ವರ್ಚಸ್ಸಿಗೆ ಬಲವಾದ ಪೆಟ್ಟು ನೀಡಿದೆ. ವಿಪಕ್ಷ ನಾಯಕರು ಸರ್ಕಾರದ ವಿರುದ್ಧ ಪ್ರತಿಭಟನೆ ನಡೆಸಿದ್ದಾರೆ. ತನಿಖೆಗೆ ಆಗ್ರಹಿಸಲಾಗಿದೆ. ಸ್ವತಂತ್ರ ತನಿಖೆಗೆ ಒತ್ತಾಯಿಸಲಾಗಿದೆ.

ರಾಜ್ಯದಲ್ಲಿ ಹನಿಟ್ರ್ಯಾಪ್ ಪ್ರಕರಣ ದಿನೇ ದಿನೇ ಹೊಸ ತಿರುವು ಪಡೆಯುತ್ತಿದೆ. ಸರ್ಕಾರದ ವರ್ಚಸ್ಸಿಗೆ ಬಲವಾದ ಪೆಟ್ಟು ನೀಡಿದೆ. ವಿಪಕ್ಷ ನಾಯಕರು ಸರ್ಕಾರದ ವಿರುದ್ಧ ಪ್ರತಿಭಟನೆ ನಡೆಸಿದ್ದಾರೆ. ತನಿಖೆಗೆ ಆಗ್ರಹಿಸಲಾಗಿದೆ. ಸ್ವತಂತ್ರ ತನಿಖೆಗೆ ಒತ್ತಾಯಿಸಲಾಗಿದೆ.

ರಾಜ್ಯದಲ್ಲಿ ಹನಿಟ್ರ್ಯಾಪ್ ಪ್ರಕರಣ ದಿನೇ ದಿನೇ ಹೊಸ ತಿರುವು ಪಡೆಯುತ್ತಿದೆ. ಸರ್ಕಾರದ ವರ್ಚಸ್ಸಿಗೆ ಬಲವಾದ ಪೆಟ್ಟು ನೀಡಿದೆ. ವಿಪಕ್ಷ ನಾಯಕರು ಸರ್ಕಾರದ ವಿರುದ್ಧ ಪ್ರತಿಭಟನೆ ನಡೆಸಿದ್ದಾರೆ. ತನಿಖೆಗೆ ಆಗ್ರಹಿಸಲಾಗಿದೆ. ಸ್ವತಂತ್ರ ತನಿಖೆಗೆ ಒತ್ತಾಯಿಸಲಾಗಿದೆ.

ರಾಜ್ಯದಲ್ಲಿ ಹನಿಟ್ರ್ಯಾಪ್ ಪ್ರಕರಣ ದಿನೇ ದಿನೇ ಹೊಸ ತಿರುವು ಪಡೆಯುತ್ತಿದೆ. ಸರ್ಕಾರದ ವರ್ಚಸ್ಸಿಗೆ ಬಲವಾದ ಪೆಟ್ಟು ನೀಡಿದೆ. ವಿಪಕ್ಷ ನಾಯಕರು ಸರ್ಕಾರದ ವಿರುದ್ಧ ಪ್ರತಿಭಟನೆ ನಡೆಸಿದ್ದಾರೆ. ತನಿಖೆಗೆ ಆಗ್ರಹಿಸಲಾಗಿದೆ. ಸ್ವತಂತ್ರ ತನಿಖೆಗೆ ಒತ್ತಾಯಿಸಲಾಗಿದೆ.

ರಾಜ್ಯದಲ್ಲಿ ಹನಿಟ್ರ್ಯಾಪ್ ಪ್ರಕರಣ ದಿನೇ ದಿನೇ ಹೊಸ ತಿರುವು ಪಡೆಯುತ್ತಿದೆ. ಸರ್ಕಾರದ ವರ್ಚಸ್ಸಿಗೆ ಬಲವಾದ ಪೆಟ್ಟು ನೀಡಿದೆ. ವಿಪಕ್ಷ ನಾಯಕರು ಸರ್ಕಾರದ ವಿರುದ್ಧ ಪ್ರತಿಭಟನೆ ನಡೆಸಿದ್ದಾರೆ. ತನಿಖೆಗೆ ಆಗ್ರಹಿಸಲಾಗಿದೆ. ಸ್ವತಂತ್ರ ತನಿಖೆಗೆ ಒತ್ತಾಯಿಸಲಾಗಿದೆ.

ರಾಜ್ಯದಲ್ಲಿ ಹನಿಟ್ರ್ಯಾಪ್ ಪ್ರಕರಣ ದಿನೇ ದಿನೇ ಹೊಸ ತಿರುವು ಪಡೆಯುತ್ತಿದೆ. ಸರ್ಕಾರದ ವರ್ಚಸ್ಸಿಗೆ ಬಲವಾದ ಪೆಟ್ಟು ನೀಡಿದೆ. ವಿಪಕ್ಷ ನಾಯಕರು ಸರ್ಕಾರದ ವಿರುದ್ಧ ಪ್ರತಿಭಟನೆ ನಡೆಸಿದ್ದಾರೆ. ತನಿಖೆಗೆ ಆಗ್ರಹಿಸಲಾಗಿದೆ. ಸ್ವತಂತ್ರ ತನಿಖೆಗೆ ಒತ್ತಾಯಿಸಲಾಗಿದೆ.

ಹನಿಟ್ರ್ಯಾಪ್ ವರಿಷ್ಠರಿಗೆ ಸತೀಶ್ ದೂರು

ರಾಜ್ಯದಲ್ಲಿ ಹನಿಟ್ರ್ಯಾಪ್ ಪ್ರಕರಣ ದಿನೇ ದಿನೇ ಹೊಸ ತಿರುವು ಪಡೆಯುತ್ತಿದೆ. ಸರ್ಕಾರದ ವರ್ಚಸ್ಸಿಗೆ ಬಲವಾದ ಪೆಟ್ಟು ನೀಡಿದೆ. ವಿಪಕ್ಷ ನಾಯಕರು ಸರ್ಕಾರದ ವಿರುದ್ಧ ಪ್ರತಿಭಟನೆ ನಡೆಸಿದ್ದಾರೆ. ತನಿಖೆಗೆ ಆಗ್ರಹಿಸಲಾಗಿದೆ. ಸ್ವತಂತ್ರ ತನಿಖೆಗೆ ಒತ್ತಾಯಿಸಲಾಗಿದೆ.

ರಾಜ್ಯದಲ್ಲಿ ಹನಿಟ್ರ್ಯಾಪ್ ಪ್ರಕರಣ ದಿನೇ ದಿನೇ ಹೊಸ ತಿರುವು ಪಡೆಯುತ್ತಿದೆ. ಸರ್ಕಾರದ ವರ್ಚಸ್ಸಿಗೆ ಬಲವಾದ ಪೆಟ್ಟು ನೀಡಿದೆ. ವಿಪಕ್ಷ ನಾಯಕರು ಸರ್ಕಾರದ ವಿರುದ್ಧ ಪ್ರತಿಭಟನೆ ನಡೆಸಿದ್ದಾರೆ. ತನಿಖೆಗೆ ಆಗ್ರಹಿಸಲಾಗಿದೆ. ಸ್ವತಂತ್ರ ತನಿಖೆಗೆ ಒತ್ತಾಯಿಸಲಾಗಿದೆ.

ರಾಜ್ಯದಲ್ಲಿ ಹನಿಟ್ರ್ಯಾಪ್ ಪ್ರಕರಣ ದಿನೇ ದಿನೇ ಹೊಸ ತಿರುವು ಪಡೆಯುತ್ತಿದೆ. ಸರ್ಕಾರದ ವರ್ಚಸ್ಸಿಗೆ ಬಲವಾದ ಪೆಟ್ಟು ನೀಡಿದೆ. ವಿಪಕ್ಷ ನಾಯಕರು ಸರ್ಕಾರದ ವಿರುದ್ಧ ಪ್ರತಿಭಟನೆ ನಡೆಸಿದ್ದಾರೆ. ತನಿಖೆಗೆ ಆಗ್ರಹಿಸಲಾಗಿದೆ. ಸ್ವತಂತ್ರ ತನಿಖೆಗೆ ಒತ್ತಾಯಿಸಲಾಗಿದೆ.

ರಾಜ್ಯದಲ್ಲಿ ಹನಿಟ್ರ್ಯಾಪ್ ಪ್ರಕರಣ ದಿನೇ ದಿನೇ ಹೊಸ ತಿರುವು ಪಡೆಯುತ್ತಿದೆ. ಸರ್ಕಾರದ ವರ್ಚಸ್ಸಿಗೆ ಬಲವಾದ ಪೆಟ್ಟು ನೀಡಿದೆ. ವಿಪಕ್ಷ ನಾಯಕರು ಸರ್ಕಾರದ ವಿರುದ್ಧ ಪ್ರತಿಭಟನೆ ನಡೆಸಿದ್ದಾರೆ. ತನಿಖೆಗೆ ಆಗ್ರಹಿಸಲಾಗಿದೆ. ಸ್ವತಂತ್ರ ತನಿಖೆಗೆ ಒತ್ತಾಯಿಸಲಾಗಿದೆ.

ರಾಜ್ಯದಲ್ಲಿ ಹನಿಟ್ರ್ಯಾಪ್ ಪ್ರಕರಣ ದಿನೇ ದಿನೇ ಹೊಸ ತಿರುವು ಪಡೆಯುತ್ತಿದೆ. ಸರ್ಕಾರದ ವರ್ಚಸ್ಸಿಗೆ ಬಲವಾದ ಪೆಟ್ಟು ನೀಡಿದೆ. ವಿಪಕ್ಷ ನಾಯಕರು ಸರ್ಕಾರದ ವಿರುದ್ಧ ಪ್ರತಿಭಟನೆ ನಡೆಸಿದ್ದಾರೆ. ತನಿಖೆಗೆ ಆಗ್ರಹಿಸಲಾಗಿದೆ. ಸ್ವತಂತ್ರ ತನಿಖೆಗೆ ಒತ್ತಾಯಿಸಲಾಗಿದೆ.

ರಾಜ್ಯದಲ್ಲಿ ಹನಿಟ್ರ್ಯಾಪ್ ಪ್ರಕರಣ ದಿನೇ ದಿನೇ ಹೊಸ ತಿರುವು ಪಡೆಯುತ್ತಿದೆ. ಸರ್ಕಾರದ ವರ್ಚಸ್ಸಿಗೆ ಬಲವಾದ ಪೆಟ್ಟು ನೀಡಿದೆ. ವಿಪಕ್ಷ ನಾಯಕರು ಸರ್ಕಾರದ ವಿರುದ್ಧ ಪ್ರತಿಭಟನೆ ನಡೆಸಿದ್ದಾರೆ. ತನಿಖೆಗೆ ಆಗ್ರಹಿಸಲಾಗಿದೆ. ಸ್ವತಂತ್ರ ತನಿಖೆಗೆ ಒತ್ತಾಯಿಸಲಾಗಿದೆ.

ರಾಜ್ಯದಲ್ಲಿ ಹನಿಟ್ರ್ಯಾಪ್ ಪ್ರಕರಣ ದಿನೇ ದಿನೇ ಹೊಸ ತಿರುವು ಪಡೆಯುತ್ತಿದೆ. ಸರ್ಕಾರದ ವರ್ಚಸ್ಸಿಗೆ ಬಲವಾದ ಪೆಟ್ಟು ನೀಡಿದೆ. ವಿಪಕ್ಷ ನಾಯಕರು ಸರ್ಕಾರದ ವಿರುದ್ಧ ಪ್ರತಿಭಟನೆ ನಡೆಸಿದ್ದಾರೆ. ತನಿಖೆಗೆ ಆಗ್ರಹಿಸಲಾಗಿದೆ. ಸ್ವತಂತ್ರ ತನಿಖೆಗೆ ಒತ್ತಾಯಿಸಲಾಗಿದೆ.

ಪ್ರತ್ಯಕ್ಷ ನಾಡು

ರಾಜ್ಯದಲ್ಲಿ ಹನಿಟ್ರ್ಯಾಪ್ ಪ್ರಕರಣ ದಿನೇ ದಿನೇ ಹೊಸ ತಿರುವು ಪಡೆಯುತ್ತಿದೆ. ಸರ್ಕಾರದ ವರ್ಚಸ್ಸಿಗೆ ಬಲವಾದ ಪೆಟ್ಟು ನೀಡಿದೆ. ವಿಪಕ್ಷ ನಾಯಕರು ಸರ್ಕಾರದ ವಿರುದ್ಧ ಪ್ರತಿಭಟನೆ ನಡೆಸಿದ್ದಾರೆ. ತನಿಖೆಗೆ ಆಗ್ರಹಿಸಲಾಗಿದೆ. ಸ್ವತಂತ್ರ ತನಿಖೆಗೆ ಒತ್ತಾಯಿಸಲಾಗಿದೆ.

ರಾಜ್ಯದಲ್ಲಿ ಹನಿಟ್ರ್ಯಾಪ್ ಪ್ರಕರಣ ದಿನೇ ದಿನೇ ಹೊಸ ತಿರುವು ಪಡೆಯುತ್ತಿದೆ. ಸರ್ಕಾರದ ವರ್ಚಸ್ಸಿಗೆ ಬಲವಾದ ಪೆಟ್ಟು ನೀಡಿದೆ. ವಿಪಕ್ಷ ನಾಯಕರು ಸರ್ಕಾರದ ವಿರುದ್ಧ ಪ್ರತಿಭಟನೆ ನಡೆಸಿದ್ದಾರೆ. ತನಿಖೆಗೆ ಆಗ್ರಹಿಸಲಾಗಿದೆ. ಸ್ವತಂತ್ರ ತನಿಖೆಗೆ ಒತ್ತಾಯಿಸಲಾಗಿದೆ.

ರಾಜ್ಯದಲ್ಲಿ ಹನಿಟ್ರ್ಯಾಪ್ ಪ್ರಕರಣ ದಿನೇ ದಿನೇ ಹೊಸ ತಿರುವು ಪಡೆಯುತ್ತಿದೆ. ಸರ್ಕಾರದ ವರ್ಚಸ್ಸಿಗೆ ಬಲವಾದ ಪೆಟ್ಟು ನೀಡಿದೆ. ವಿಪಕ್ಷ ನಾಯಕರು ಸರ್ಕಾರದ ವಿರುದ್ಧ ಪ್ರತಿಭಟನೆ ನಡೆಸಿದ್ದಾರೆ. ತನಿಖೆಗೆ ಆಗ್ರಹಿಸಲಾಗಿದೆ. ಸ್ವತಂತ್ರ ತನಿಖೆಗೆ ಒತ್ತಾಯಿಸಲಾಗಿದೆ.

ರಾಜ್ಯದಲ್ಲಿ ಹನಿಟ್ರ್ಯಾಪ್ ಪ್ರಕರಣ ದಿನೇ ದಿನೇ ಹೊಸ ತಿರುವು ಪಡೆಯುತ್ತಿದೆ. ಸರ್ಕಾರದ ವರ್ಚಸ್ಸಿಗೆ ಬಲವಾದ ಪೆಟ್ಟು ನೀಡಿದೆ. ವಿಪಕ್ಷ ನಾಯಕರು ಸರ್ಕಾರದ ವಿರುದ್ಧ ಪ್ರತಿಭಟನೆ ನಡೆಸಿದ್ದಾರೆ. ತನಿಖೆಗೆ ಆಗ್ರಹಿಸಲಾಗಿದೆ. ಸ್ವತಂತ್ರ ತನಿಖೆಗೆ ಒತ್ತಾಯಿಸಲಾಗಿದೆ.

ರಾಜ್ಯದಲ್ಲಿ ಹನಿಟ್ರ್ಯಾಪ್ ಪ್ರಕರಣ ದಿನೇ ದಿನೇ ಹೊಸ ತಿರುವು ಪಡೆಯುತ್ತಿದೆ. ಸರ್ಕಾರದ ವರ್ಚಸ್ಸಿಗೆ ಬಲವಾದ ಪೆಟ್ಟು ನೀಡಿದೆ. ವಿಪಕ್ಷ ನಾಯಕರು ಸರ್ಕಾರದ ವಿರುದ್ಧ ಪ್ರತಿಭಟನೆ ನಡೆಸಿದ್ದಾರೆ. ತನಿಖೆಗೆ ಆಗ್ರಹಿಸಲಾಗಿದೆ. ಸ್ವತಂತ್ರ ತನಿಖೆಗೆ ಒತ್ತಾಯಿಸಲಾಗಿದೆ.
